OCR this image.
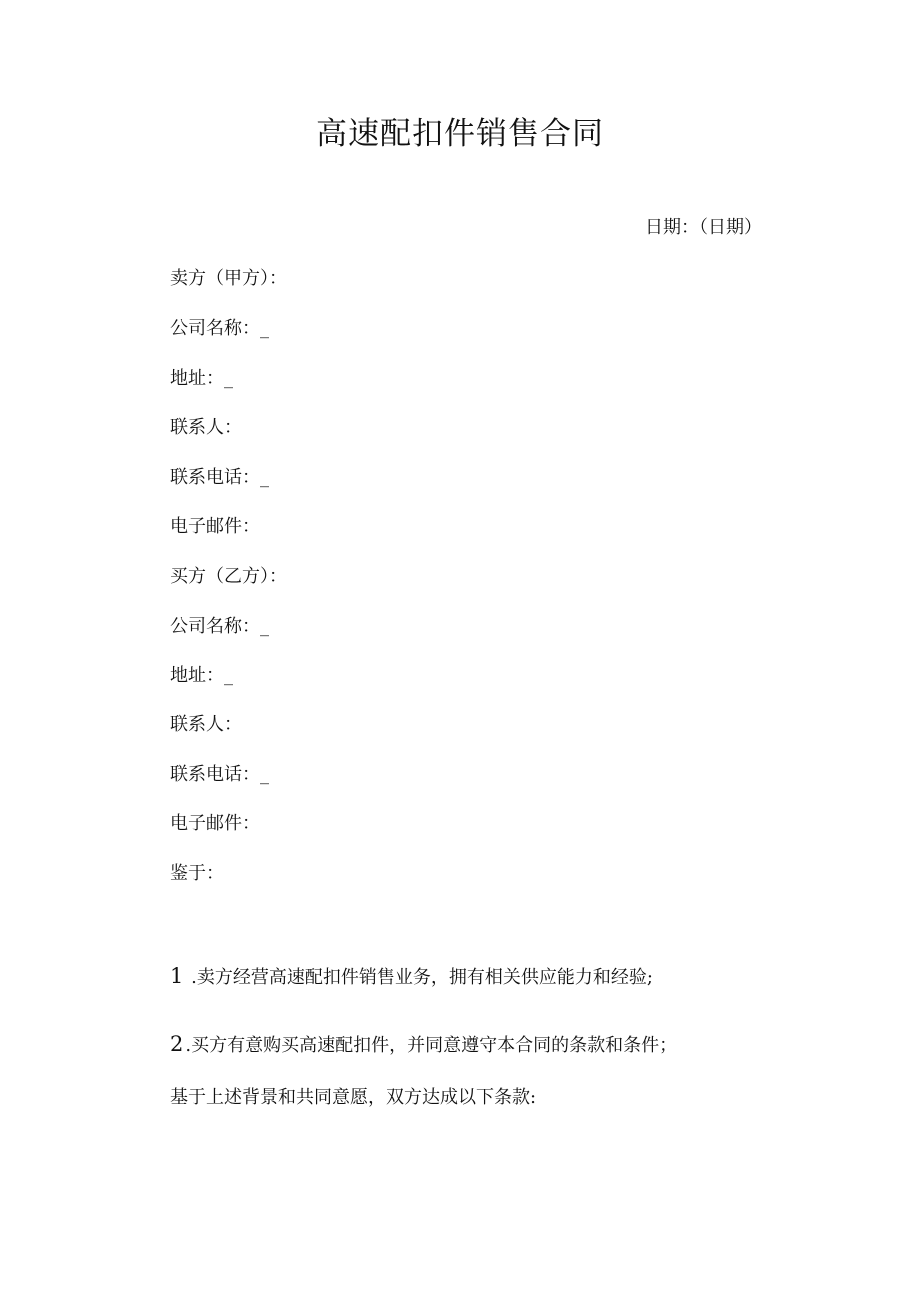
高速配扣件销售合同
日期：（日期）
卖方（甲方）：
公司名称：_
地址：_
联系人：
联系电话：_
电子邮件：
买方（乙方）：
公司名称：_
地址：_
联系人：
联系电话：_
电子邮件：
鉴于：
1 .卖方经营高速配扣件销售业务，拥有相关供应能力和经验;
2 .买方有意购买高速配扣件，并同意遵守本合同的条款和条件；
基于上述背景和共同意愿，双方达成以下条款:
